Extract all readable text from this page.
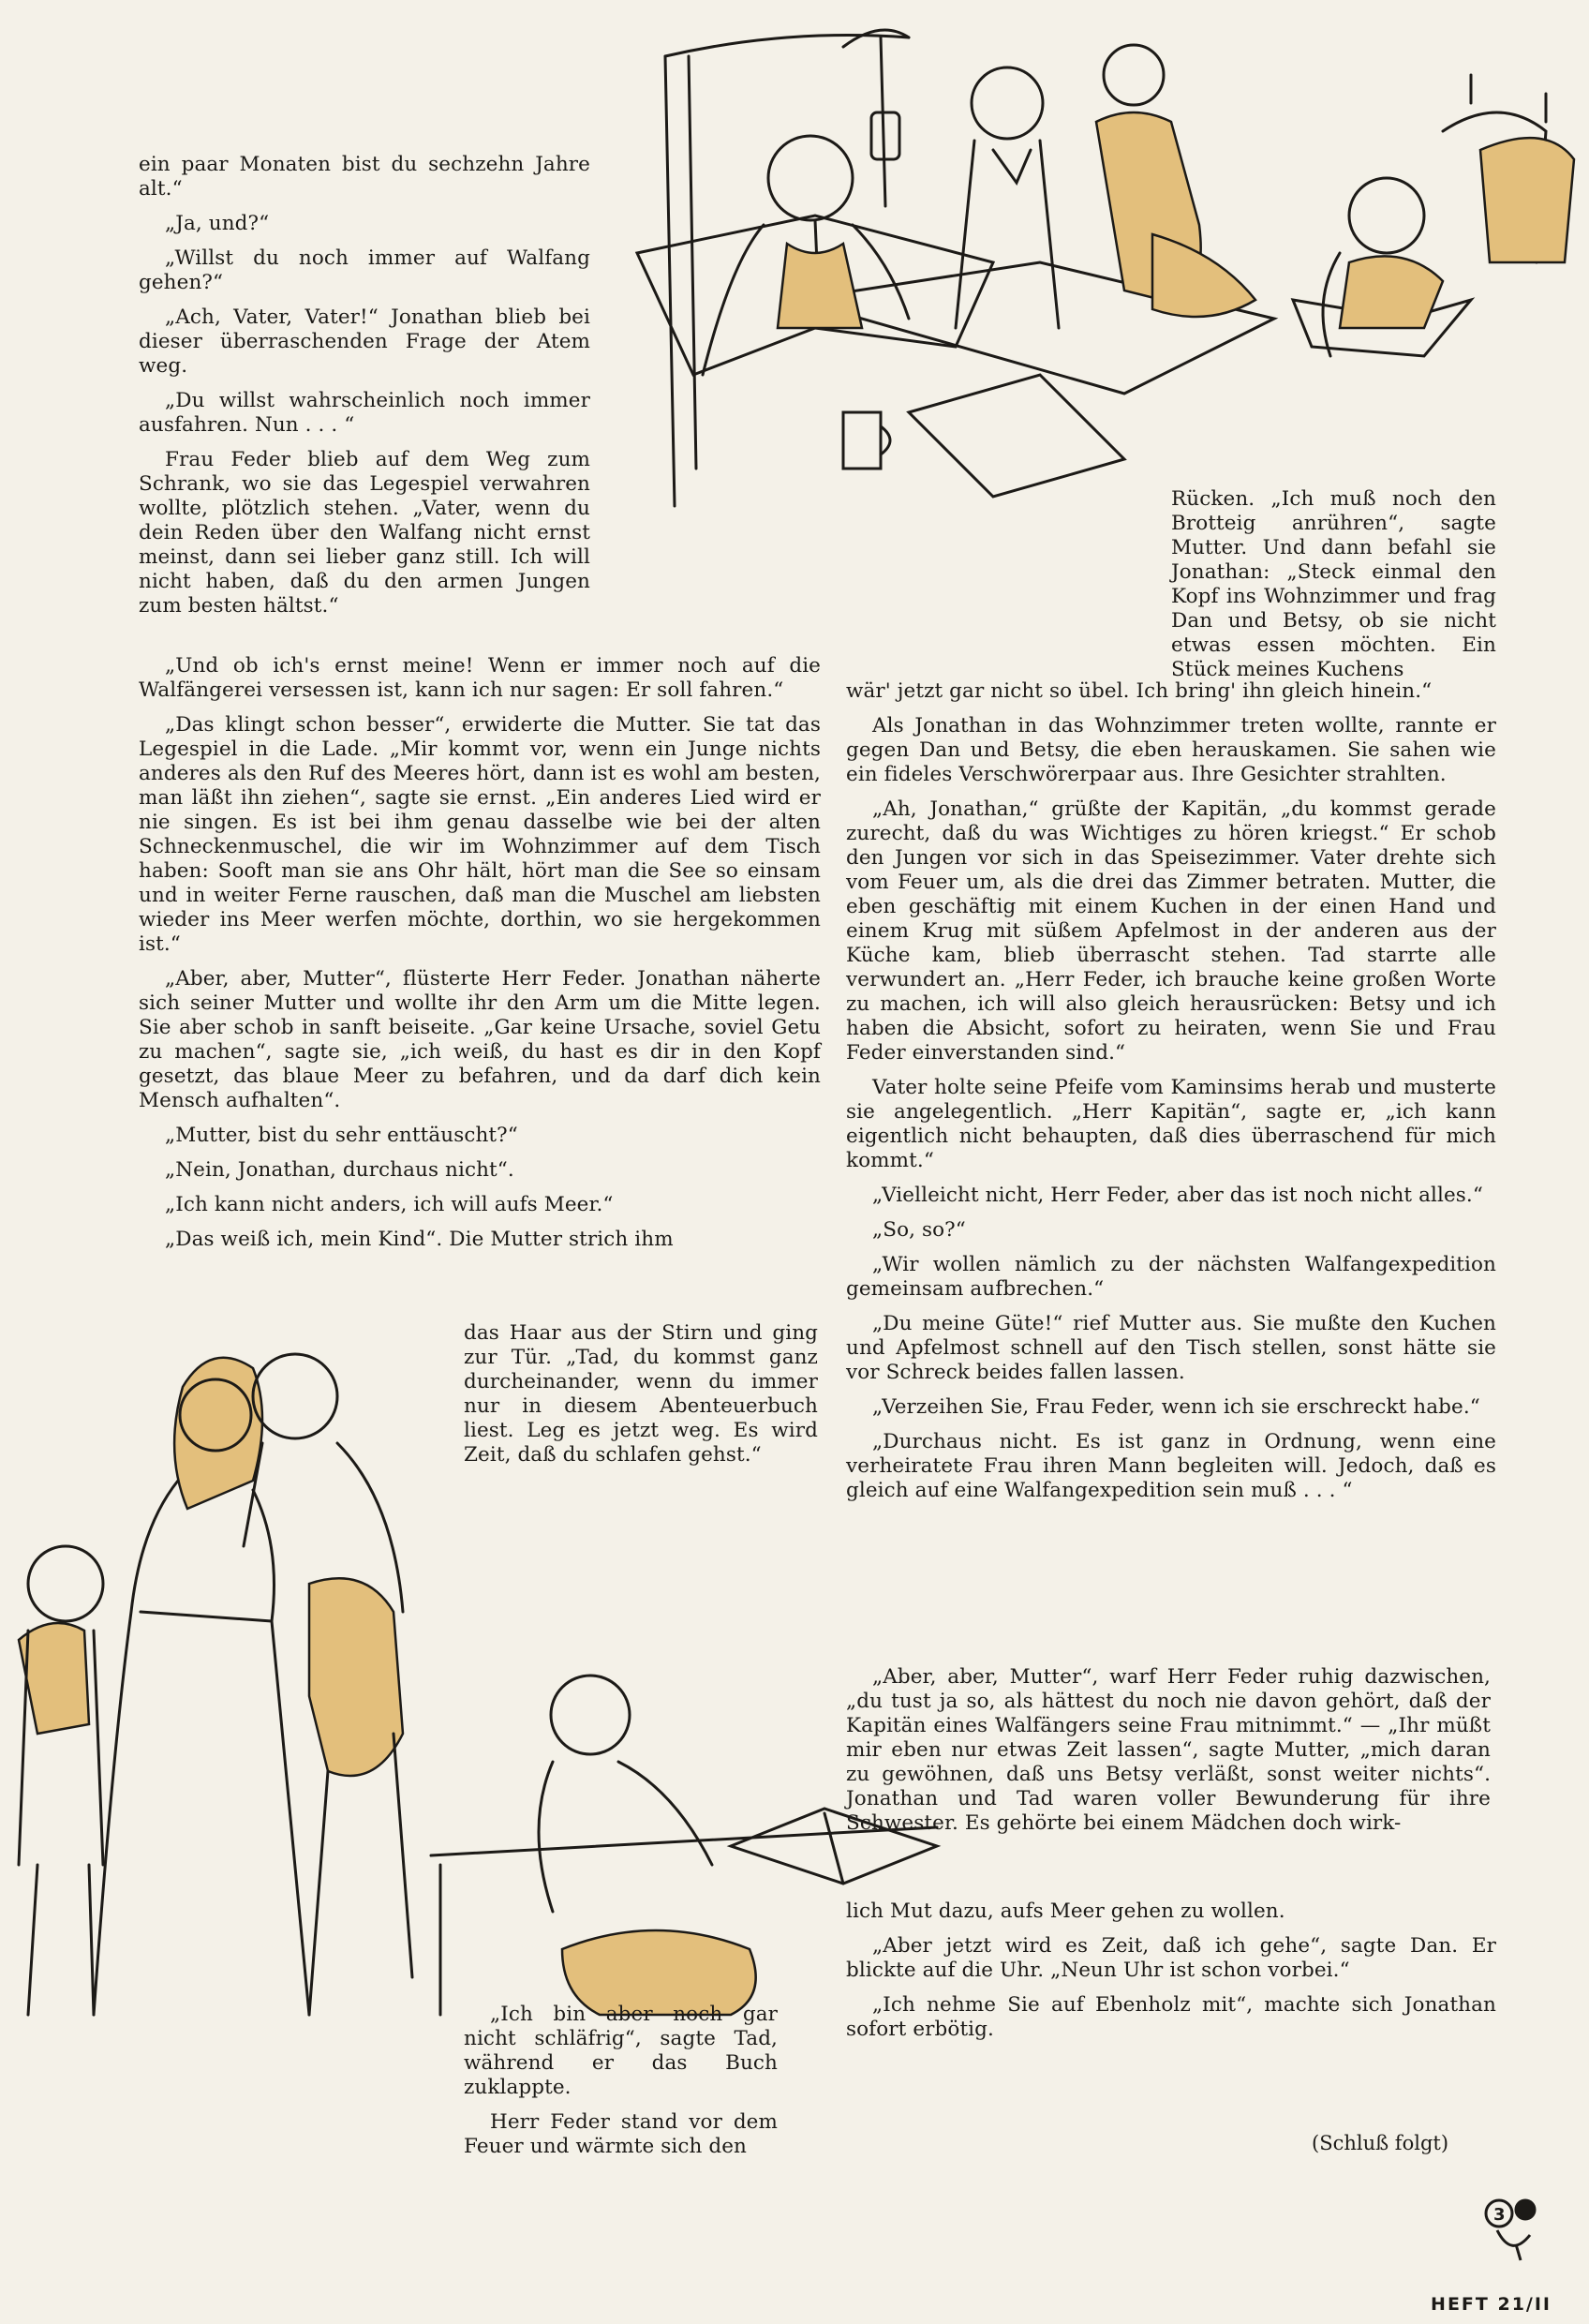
ein paar Monaten bist du sechzehn Jahre alt.“

„Ja, und?“

„Willst du noch immer auf Walfang gehen?“

„Ach, Vater, Vater!“ Jonathan blieb bei dieser überraschenden Frage der Atem weg.

„Du willst wahrscheinlich noch immer ausfahren. Nun . . . “

Frau Feder blieb auf dem Weg zum Schrank, wo sie das Legespiel verwahren wollte, plötzlich stehen. „Vater, wenn du dein Reden über den Walfang nicht ernst meinst, dann sei lieber ganz still. Ich will nicht haben, daß du den armen Jungen zum besten hältst.“

„Und ob ich's ernst meine! Wenn er immer noch auf die Walfängerei versessen ist, kann ich nur sagen: Er soll fahren.“

„Das klingt schon besser“, erwiderte die Mutter. Sie tat das Legespiel in die Lade. „Mir kommt vor, wenn ein Junge nichts anderes als den Ruf des Meeres hört, dann ist es wohl am besten, man läßt ihn ziehen“, sagte sie ernst. „Ein anderes Lied wird er nie singen. Es ist bei ihm genau dasselbe wie bei der alten Schneckenmuschel, die wir im Wohnzimmer auf dem Tisch haben: Sooft man sie ans Ohr hält, hört man die See so einsam und in weiter Ferne rauschen, daß man die Muschel am liebsten wieder ins Meer werfen möchte, dorthin, wo sie hergekommen ist.“

„Aber, aber, Mutter“, flüsterte Herr Feder. Jonathan näherte sich seiner Mutter und wollte ihr den Arm um die Mitte legen. Sie aber schob in sanft beiseite. „Gar keine Ursache, soviel Getu zu machen“, sagte sie, „ich weiß, du hast es dir in den Kopf gesetzt, das blaue Meer zu befahren, und da darf dich kein Mensch aufhalten“.

„Mutter, bist du sehr enttäuscht?“

„Nein, Jonathan, durchaus nicht“.

„Ich kann nicht anders, ich will aufs Meer.“

„Das weiß ich, mein Kind“. Die Mutter strich ihm

das Haar aus der Stirn und ging zur Tür. „Tad, du kommst ganz durcheinander, wenn du immer nur in diesem Abenteuerbuch liest. Leg es jetzt weg. Es wird Zeit, daß du schlafen gehst.“

„Ich bin aber noch gar nicht schläfrig“, sagte Tad, während er das Buch zuklappte.

Herr Feder stand vor dem Feuer und wärmte sich den

Rücken. „Ich muß noch den Brotteig anrühren“, sagte Mutter. Und dann befahl sie Jonathan: „Steck einmal den Kopf ins Wohnzimmer und frag Dan und Betsy, ob sie nicht etwas essen möchten. Ein Stück meines Kuchens

wär' jetzt gar nicht so übel. Ich bring' ihn gleich hinein.“

Als Jonathan in das Wohnzimmer treten wollte, rannte er gegen Dan und Betsy, die eben herauskamen. Sie sahen wie ein fideles Verschwörerpaar aus. Ihre Gesichter strahlten.

„Ah, Jonathan,“ grüßte der Kapitän, „du kommst gerade zurecht, daß du was Wichtiges zu hören kriegst.“ Er schob den Jungen vor sich in das Speisezimmer. Vater drehte sich vom Feuer um, als die drei das Zimmer betraten. Mutter, die eben geschäftig mit einem Kuchen in der einen Hand und einem Krug mit süßem Apfelmost in der anderen aus der Küche kam, blieb überrascht stehen. Tad starrte alle verwundert an. „Herr Feder, ich brauche keine großen Worte zu machen, ich will also gleich herausrücken: Betsy und ich haben die Absicht, sofort zu heiraten, wenn Sie und Frau Feder einverstanden sind.“

Vater holte seine Pfeife vom Kaminsims herab und musterte sie angelegentlich. „Herr Kapitän“, sagte er, „ich kann eigentlich nicht behaupten, daß dies überraschend für mich kommt.“

„Vielleicht nicht, Herr Feder, aber das ist noch nicht alles.“

„So, so?“

„Wir wollen nämlich zu der nächsten Walfangexpedition gemeinsam aufbrechen.“

„Du meine Güte!“ rief Mutter aus. Sie mußte den Kuchen und Apfelmost schnell auf den Tisch stellen, sonst hätte sie vor Schreck beides fallen lassen.

„Verzeihen Sie, Frau Feder, wenn ich sie erschreckt habe.“

„Durchaus nicht. Es ist ganz in Ordnung, wenn eine verheiratete Frau ihren Mann begleiten will. Jedoch, daß es gleich auf eine Walfangexpedition sein muß . . . “

„Aber, aber, Mutter“, warf Herr Feder ruhig dazwischen, „du tust ja so, als hättest du noch nie davon gehört, daß der Kapitän eines Walfängers seine Frau mitnimmt.“ — „Ihr müßt mir eben nur etwas Zeit lassen“, sagte Mutter, „mich daran zu gewöhnen, daß uns Betsy verläßt, sonst weiter nichts“. Jonathan und Tad waren voller Bewunderung für ihre Schwester. Es gehörte bei einem Mädchen doch wirk-

lich Mut dazu, aufs Meer gehen zu wollen.

„Aber jetzt wird es Zeit, daß ich gehe“, sagte Dan. Er blickte auf die Uhr. „Neun Uhr ist schon vorbei.“

„Ich nehme Sie auf Ebenholz mit“, machte sich Jonathan sofort erbötig.

(Schluß folgt)
3
HEFT 21/II
